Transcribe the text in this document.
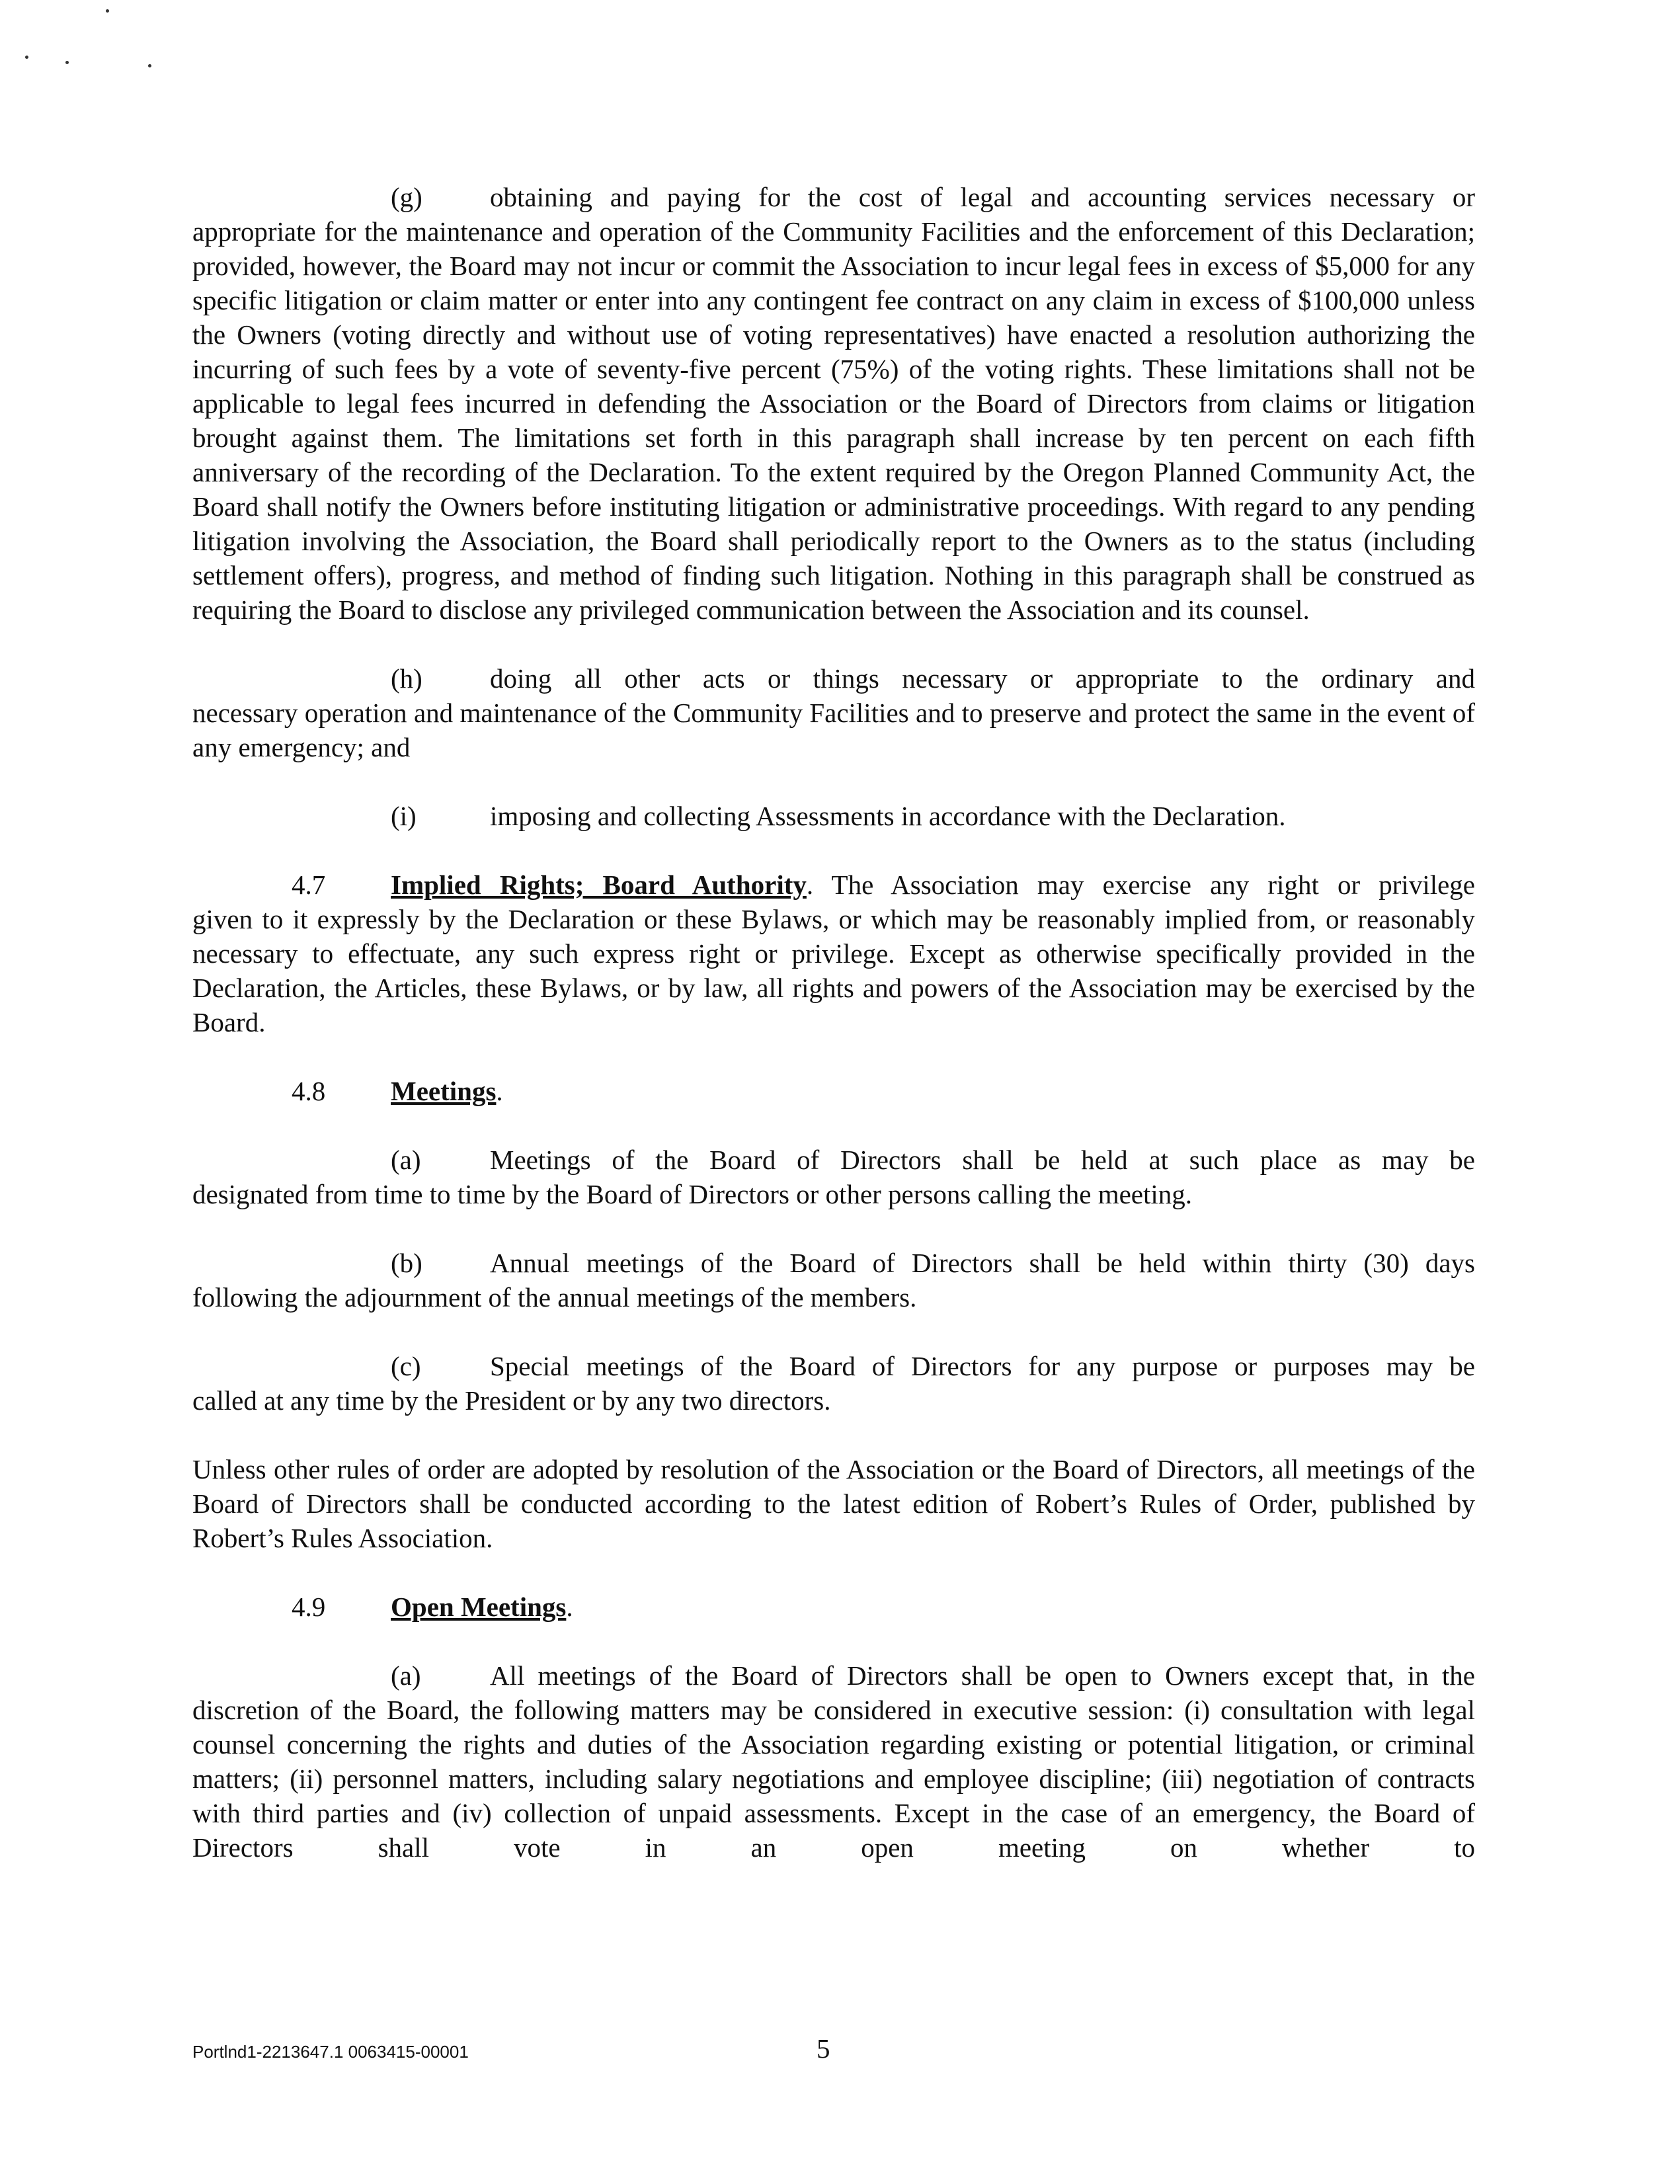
(g) obtaining and paying for the cost of legal and accounting services necessary or

appropriate for the maintenance and operation of the Community Facilities and the enforcement of this Declaration; provided, however, the Board may not incur or commit the Association to incur legal fees in excess of $5,000 for any specific litigation or claim matter or enter into any contingent fee contract on any claim in excess of $100,000 unless the Owners (voting directly and without use of voting representatives) have enacted a resolution authorizing the incurring of such fees by a vote of seventy-five percent (75%) of the voting rights. These limitations shall not be applicable to legal fees incurred in defending the Association or the Board of Directors from claims or litigation brought against them. The limitations set forth in this paragraph shall increase by ten percent on each fifth anniversary of the recording of the Declaration. To the extent required by the Oregon Planned Community Act, the Board shall notify the Owners before instituting litigation or administrative proceedings. With regard to any pending litigation involving the Association, the Board shall periodically report to the Owners as to the status (including settlement offers), progress, and method of finding such litigation. Nothing in this paragraph shall be construed as requiring the Board to disclose any privileged communication between the Association and its counsel.

(h) doing all other acts or things necessary or appropriate to the ordinary and

necessary operation and maintenance of the Community Facilities and to preserve and protect the same in the event of any emergency; and

(i)	imposing and collecting Assessments in accordance with the Declaration.
4.7 Implied Rights; Board Authority. The Association may exercise any right or privilege

given to it expressly by the Declaration or these Bylaws, or which may be reasonably implied from, or reasonably necessary to effectuate, any such express right or privilege. Except as otherwise specifically provided in the Declaration, the Articles, these Bylaws, or by law, all rights and powers of the Association may be exercised by the Board.

4.8 Meetings.
(a)	Meetings of the Board of Directors shall be held at such place as may be

designated from time to time by the Board of Directors or other persons calling the meeting.

(b) Annual meetings of the Board of Directors shall be held within thirty (30) days

following the adjournment of the annual meetings of the members.

(c)	Special meetings of the Board of Directors for any purpose or purposes may be

called at any time by the President or by any two directors.

Unless other rules of order are adopted by resolution of the Association or the Board of Directors, all meetings of the Board of Directors shall be conducted according to the latest edition of Robert’s Rules of Order, published by Robert’s Rules Association.

4.9 Open Meetings.
(a)	All meetings of the Board of Directors shall be open to Owners except that, in the

discretion of the Board, the following matters may be considered in executive session: (i) consultation with legal counsel concerning the rights and duties of the Association regarding existing or potential litigation, or criminal matters; (ii) personnel matters, including salary negotiations and employee discipline; (iii) negotiation of contracts with third parties and (iv) collection of unpaid assessments. Except in the case of an emergency, the Board of Directors shall vote in an open meeting on whether to

Portlnd1-2213647.1 0063415-00001	5
